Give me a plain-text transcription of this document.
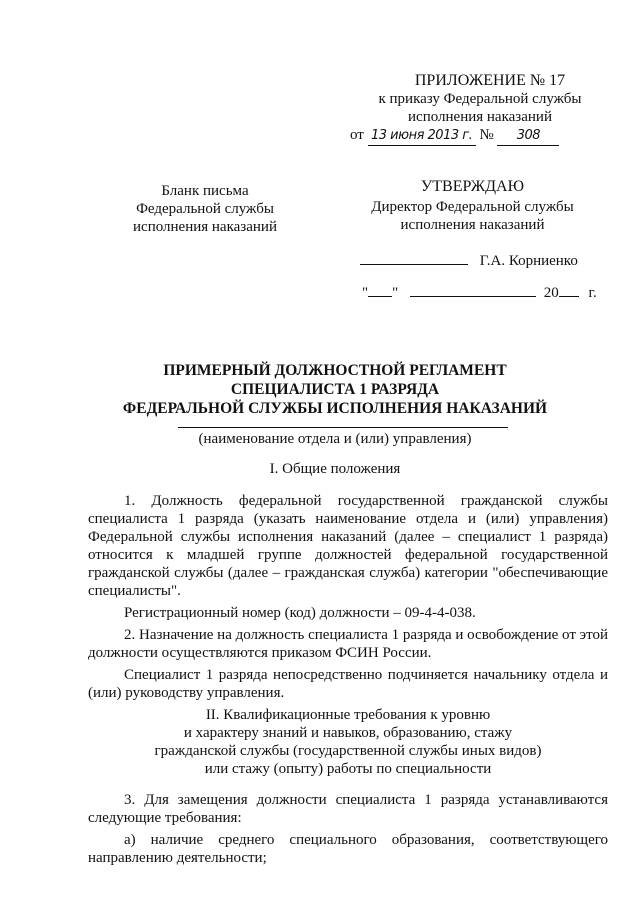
ПРИЛОЖЕНИЕ № 17
к приказу Федеральной службы
исполнения наказаний
от 13 июня 2013 г. № 308
Бланк письма
Федеральной службы
исполнения наказаний
УТВЕРЖДАЮ
Директор Федеральной службы
исполнения наказаний
Г.А. Корниенко
" "	20 г.
ПРИМЕРНЫЙ ДОЛЖНОСТНОЙ РЕГЛАМЕНТ
СПЕЦИАЛИСТА 1 РАЗРЯДА
ФЕДЕРАЛЬНОЙ СЛУЖБЫ ИСПОЛНЕНИЯ НАКАЗАНИЙ
(наименование отдела и (или) управления)
I. Общие положения

1. Должность федеральной государственной гражданской службы специалиста 1 разряда (указать наименование отдела и (или) управления) Федеральной службы исполнения наказаний (далее – специалист 1 разряда) относится к младшей группе должностей федеральной государственной гражданской службы (далее – гражданская служба) категории "обеспечивающие специалисты".

Регистрационный номер (код) должности – 09-4-4-038.

2. Назначение на должность специалиста 1 разряда и освобождение от этой должности осуществляются приказом ФСИН России.

Специалист 1 разряда непосредственно подчиняется начальнику отдела и (или) руководству управления.

II. Квалификационные требования к уровню
и характеру знаний и навыков, образованию, стажу
гражданской службы (государственной службы иных видов)
или стажу (опыту) работы по специальности

3. Для замещения должности специалиста 1 разряда устанавливаются следующие требования:

а) наличие среднего специального образования, соответствующего направлению деятельности;
